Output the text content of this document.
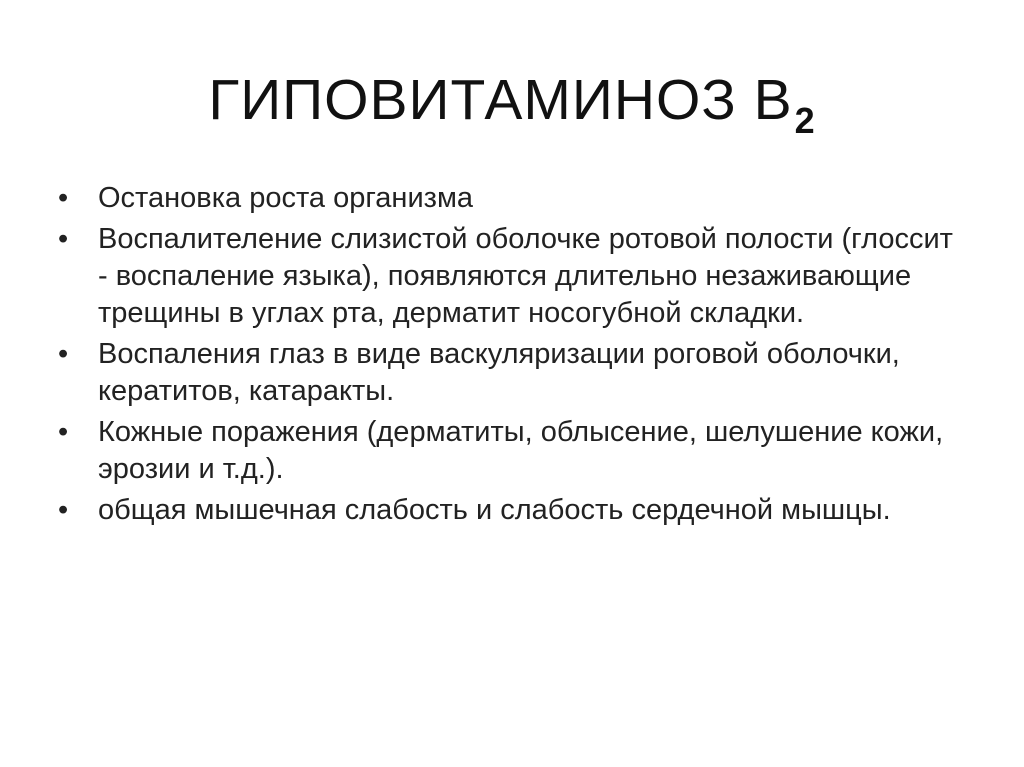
ГИПОВИТАМИНОЗ $В_2$
•	Остановка роста организма
•	Воспалителение слизистой оболочке ротовой полости (глоссит - воспаление языка), появляются длительно незаживающие трещины в углах рта, дерматит носогубной складки.
•	Воспаления глаз в виде васкуляризации роговой оболочки, кератитов, катаракты.
•	Кожные поражения (дерматиты, облысение, шелушение кожи, эрозии и т.д.).
•	общая мышечная слабость и слабость сердечной мышцы.
